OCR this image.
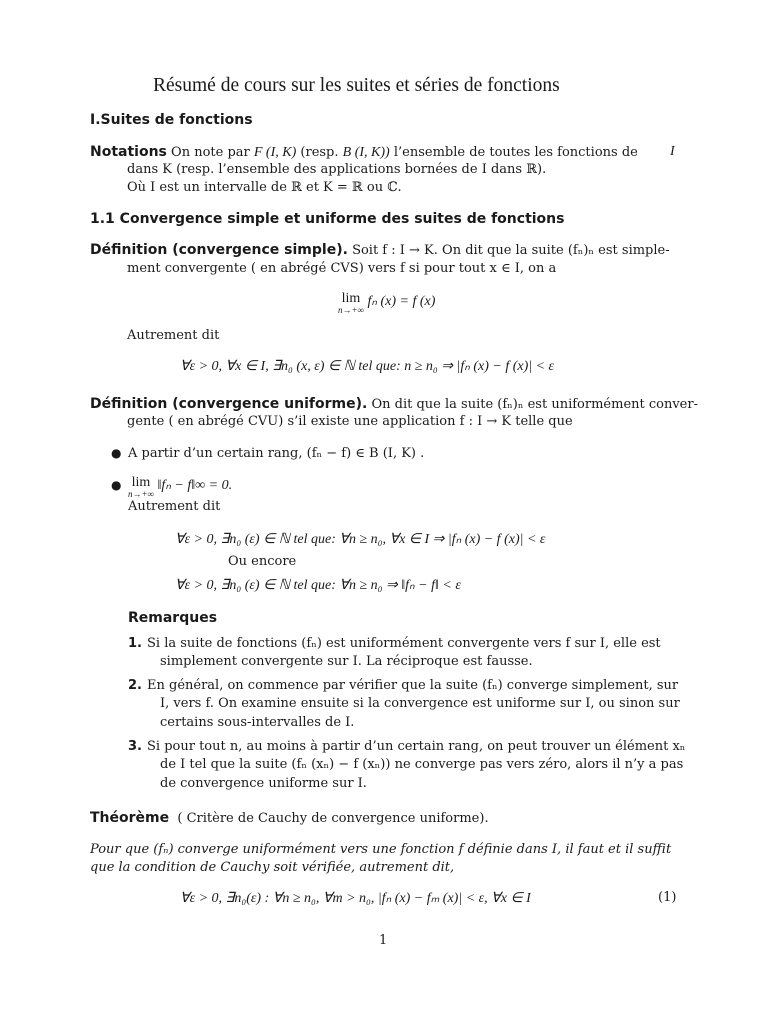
Résumé de cours sur les suites et séries de fonctions
I.Suites de fonctions
Notations On note par F (I, K) (resp. B (I, K)) l’ensemble de toutes les fonctions de I
dans K (resp. l’ensemble des applications bornées de I dans ℝ).
Où I est un intervalle de ℝ et K = ℝ ou ℂ.
1.1 Convergence simple et uniforme des suites de fonctions
Définition (convergence simple). Soit f : I → K. On dit que la suite (fₙ)ₙ est simple-
ment convergente ( en abrégé CVS) vers f si pour tout x ∈ I, on a
lim
n→+∞
fₙ (x) = f (x)
Autrement dit
∀ε > 0, ∀x ∈ I, ∃n₀ (x, ε) ∈ ℕ tel que: n ≥ n₀ ⇒ |fₙ (x) − f (x)| < ε
Définition (convergence uniforme). On dit que la suite (fₙ)ₙ est uniformément conver-
gente ( en abrégé CVU) s’il existe une application f : I → K telle que
● A partir d’un certain rang, (fₙ − f) ∈ B (I, K) .
● lim
n→+∞
‖fₙ − f‖∞ = 0.
Autrement dit
∀ε > 0, ∃n₀ (ε) ∈ ℕ tel que: ∀n ≥ n₀, ∀x ∈ I ⇒ |fₙ (x) − f (x)| < ε
Ou encore
∀ε > 0, ∃n₀ (ε) ∈ ℕ tel que: ∀n ≥ n₀ ⇒ ‖fₙ − f‖ < ε
Remarques
1. Si la suite de fonctions (fₙ) est uniformément convergente vers f sur I, elle est
simplement convergente sur I. La réciproque est fausse.
2. En général, on commence par vérifier que la suite (fₙ) converge simplement, sur
I, vers f. On examine ensuite si la convergence est uniforme sur I, ou sinon sur
certains sous-intervalles de I.
3. Si pour tout n, au moins à partir d’un certain rang, on peut trouver un élément xₙ
de I tel que la suite (fₙ (xₙ) − f (xₙ)) ne converge pas vers zéro, alors il n’y a pas
de convergence uniforme sur I.
Théorème ( Critère de Cauchy de convergence uniforme).
Pour que (fₙ) converge uniformément vers une fonction f définie dans I, il faut et il suffit
que la condition de Cauchy soit vérifiée, autrement dit,
∀ε > 0, ∃n₀(ε) : ∀n ≥ n₀, ∀m > n₀, |fₙ (x) − fₘ (x)| < ε, ∀x ∈ I	(1)
1
